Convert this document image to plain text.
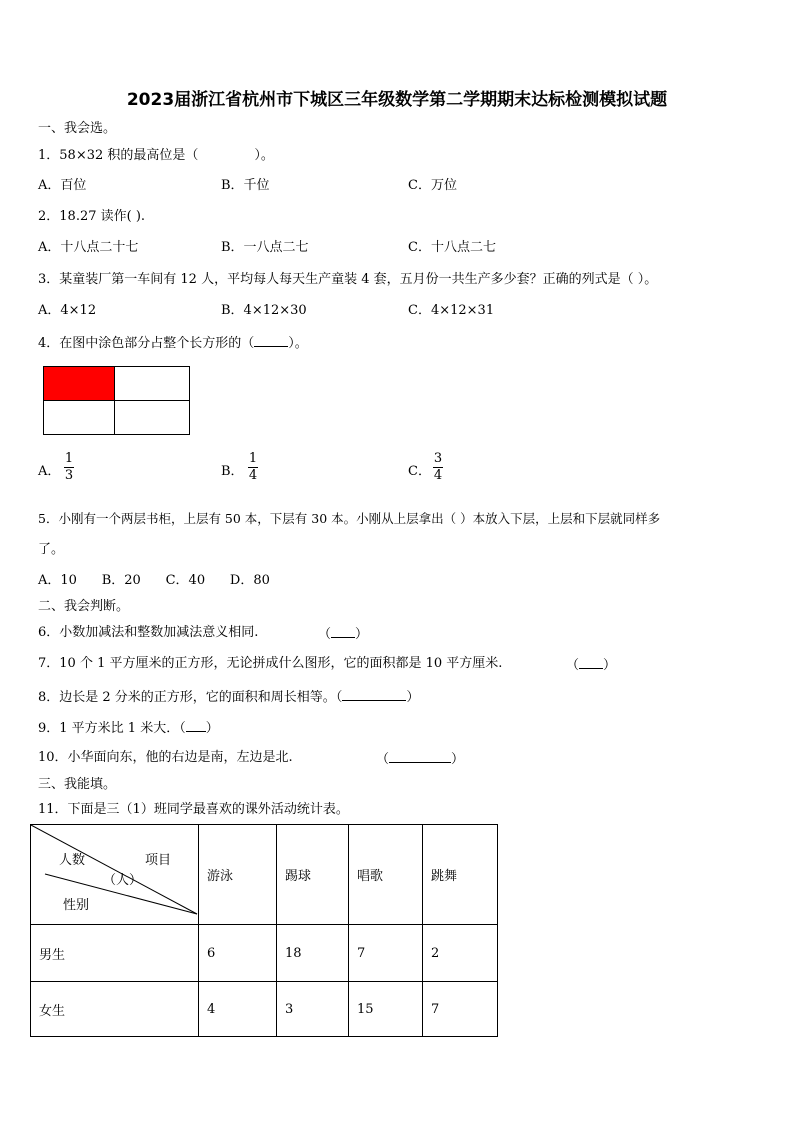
2023届浙江省杭州市下城区三年级数学第二学期期末达标检测模拟试题
一、我会选。
1．58×32 积的最高位是（	）。
A．百位	B．千位	C．万位
2．18.27 读作( ).
A．十八点二十七	B．一八点二七	C．十八点二七
3．某童装厂第一车间有 12 人，平均每人每天生产童装 4 套，五月份一共生产多少套？正确的列式是（ ）。
A．4×12	B．4×12×30	C．4×12×31
4．在图中涂色部分占整个长方形的（	）。
A．
1
3	B．
1
4	C．
3
4
5．小刚有一个两层书柜，上层有 50 本，下层有 30 本。小刚从上层拿出（ ）本放入下层，上层和下层就同样多
了。
A．10      B．20      C．40      D．80
二、我会判断。
6．小数加减法和整数加减法意义相同.	（ ）
7．10 个 1 平方厘米的正方形，无论拼成什么图形，它的面积都是 10 平方厘米.	（ ）
8．边长是 2 分米的正方形，它的面积和周长相等。（	）
9．1 平方米比 1 米大．（ ）
10．小华面向东，他的右边是南，左边是北.	（	）
三、我能填。
11．下面是三（1）班同学最喜欢的课外活动统计表。
人数 项目
（人）
性别	游泳	踢球	唱歌	跳舞
男生	6	18	7	2
女生	4	3	15	7
